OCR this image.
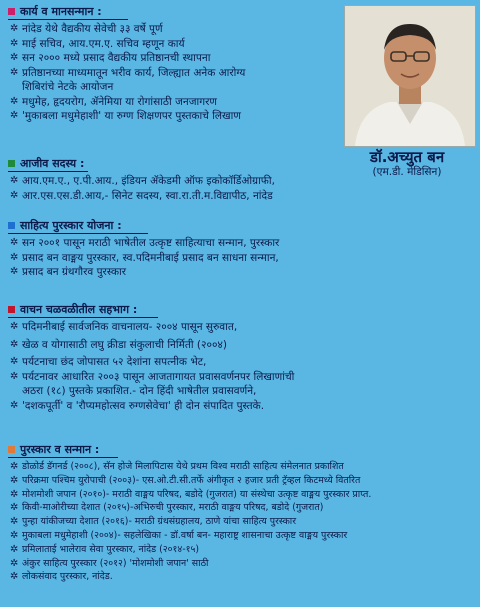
कार्य व मानसन्मान :
✲ नांदेड येथे वैद्यकीय सेवेची ३३ वर्षे पूर्ण
✲ माई सचिव, आय.एम.ए. सचिव म्हणून कार्य
✲ सन २००० मध्ये प्रसाद वैद्यकीय प्रतिष्ठानची स्थापना
✲ प्रतिष्ठानच्या माध्यमातून भरीव कार्य, जिल्ह्यात अनेक आरोग्य
शिबिरांचे नेटके आयोजन
✲ मधुमेह, हृदयरोग, ॲनेमिया या रोगांसाठी जनजागरण
✲ 'मुकाबला मधुमेहाशी' या रुग्ण शिक्षणपर पुस्तकाचे लिखाण
डॉ.अच्युत बन
(एम.डी. मेडिसिन)
आजीव सदस्य :
✲ आय.एम.ए., ए.पी.आय., इंडियन ॲकेडमी ऑफ इकोकॉर्डिओग्राफी,
✲ आर.एस.एस.डी.आय,- सिनेट सदस्य, स्वा.रा.ती.म.विद्यापीठ, नांदेड
साहित्य पुरस्कार योजना :
✲ सन २००१ पासून मराठी भाषेतील उत्कृष्ट साहित्याचा सन्मान, पुरस्कार
✲ प्रसाद बन वाङ्मय पुरस्कार, स्व.पदिमनीबाई प्रसाद बन साधना सन्मान,
✲ प्रसाद बन ग्रंथगौरव पुरस्कार
वाचन चळवळीतील सहभाग :
✲ पदिमनीबाई सार्वजनिक वाचनालय- २००४ पासून सुरुवात,
✲ खेळ व योगासाठी लघु क्रीडा संकुलाची निर्मिती (२००४)
✲ पर्यटनाचा छंद जोपासत ५२ देशांना सपत्नीक भेट,
✲ पर्यटनावर आधारित २००३ पासून आजतागायत प्रवासवर्णनपर लिखाणांची
अठरा (१८) पुस्तके प्रकाशित.- दोन हिंदी भाषेतील प्रवासवर्णने,
✲ 'दशकपूर्ती' व 'रौप्यमहोत्सव रुग्णसेवेचा' ही दोन संपादित पुस्तके.
पुरस्कार व सन्मान :
✲ डोळोर्ड डॅगनर्ड (२००८), सॅन होजे मिलापिटास येथे प्रथम विश्व मराठी साहित्य संमेलनात प्रकाशित
✲ परिक्रमा पश्चिम युरोपाची (२००३)- एस.ओ.टी.सी.तर्फे अंगीकृत २ हजार प्रती ट्रॅव्हल किटमध्ये वितरित
✲ मोशमोशी जपान (२०१०)- मराठी वाङ्मय परिषद, बडोदे (गुजरात) या संस्थेचा उत्कृष्ट वाङ्मय पुरस्कार प्राप्त.
✲ किवी-माओरीच्या देशात (२०१५)-अभिरुची पुरस्कार, मराठी वाङ्मय परिषद, बडोदे (गुजरात)
✲ पुन्हा यांकीजच्या देशात (२०१६)- मराठी ग्रंथसंग्रहालय, ठाणे यांचा साहित्य पुरस्कार
✲ मुकाबला मधुमेहाशी (२००४)- सहलेखिका - डॉ.वर्षा बन- महाराष्ट्र शासनाचा उत्कृष्ट वाङ्मय पुरस्कार
✲ प्रमिलाताई भालेराव सेवा पुरस्कार, नांदेड (२०१४-१५)
✲ अंकुर साहित्य पुरस्कार (२०१२) 'मोशमोशी जपान' साठी
✲ लोकसंवाद पुरस्कार, नांदेड.
